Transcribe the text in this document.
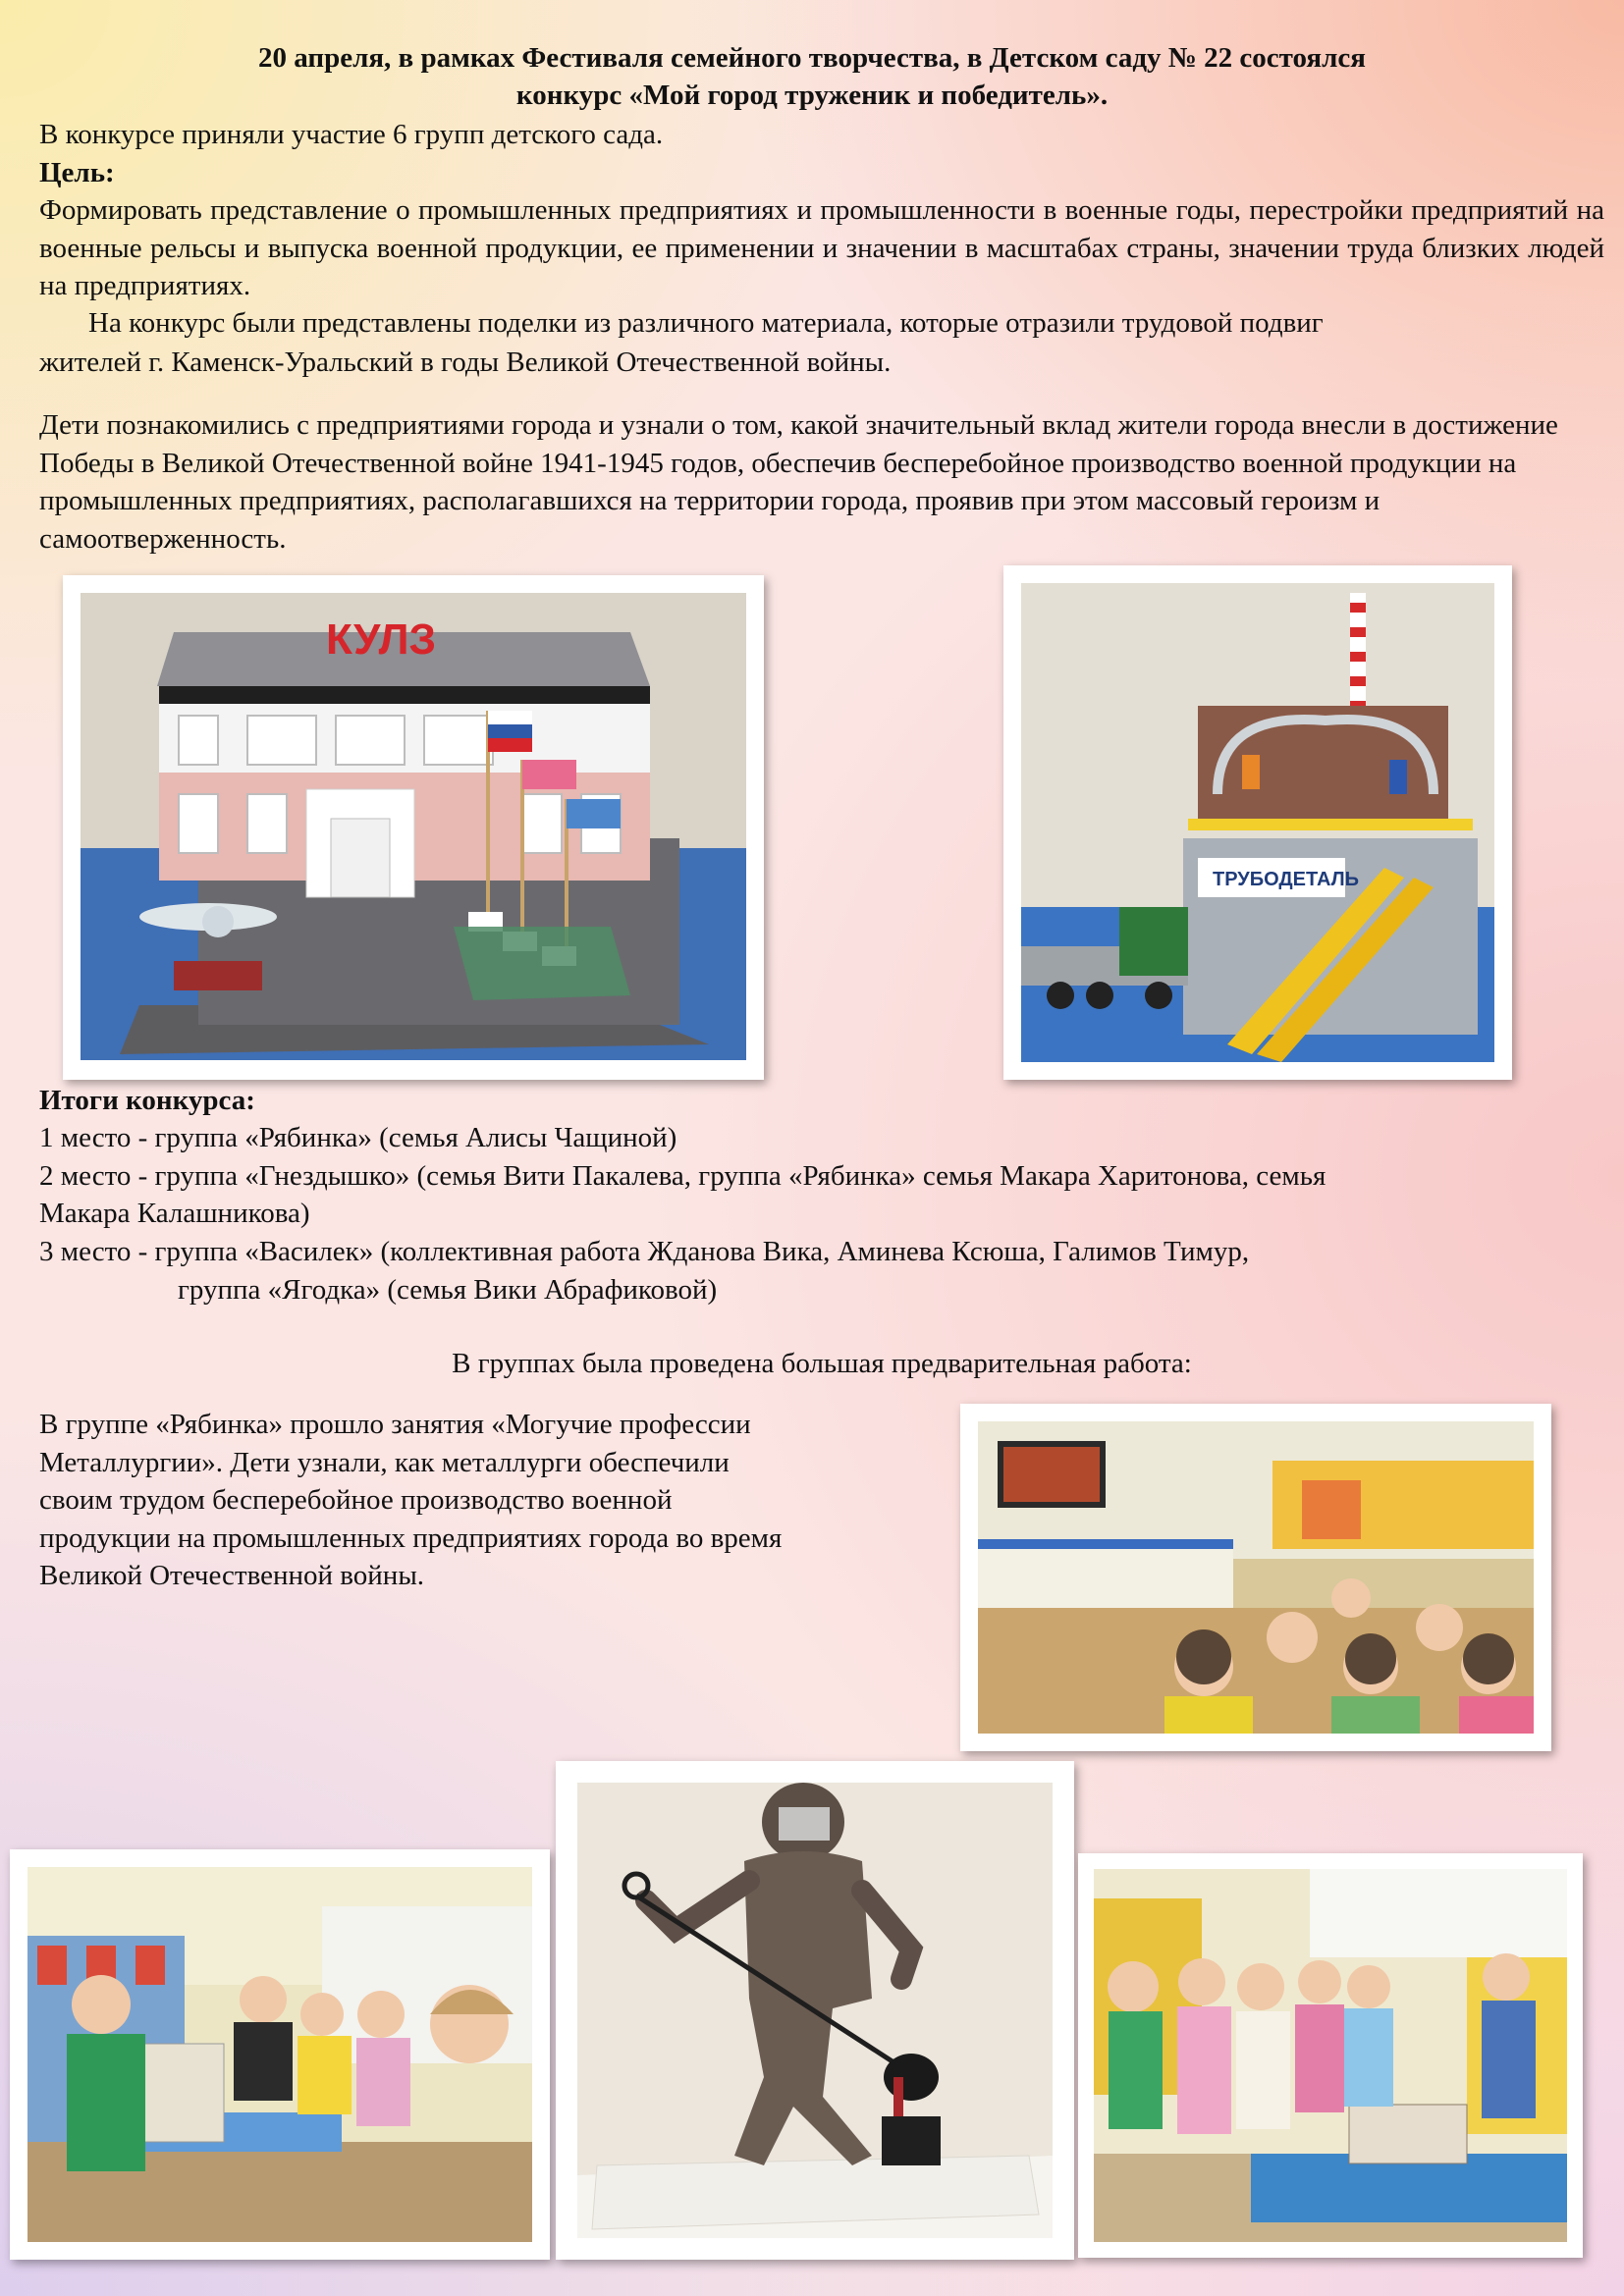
20 апреля, в рамках Фестиваля семейного творчества, в Детском саду № 22 состоялся
конкурс «Мой город труженик и победитель».

В конкурсе приняли участие 6 групп детского сада.

Цель:

Формировать представление о промышленных предприятиях и промышленности в военные годы, перестройки предприятий на военные рельсы и выпуска военной продукции, ее применении и значении в масштабах страны, значении труда близких людей на предприятиях.

На конкурс были представлены поделки из различного материала, которые отразили трудовой подвиг

жителей г. Каменск-Уральский в годы Великой Отечественной войны.

Дети познакомились с предприятиями города и узнали о том, какой значительный вклад жители города внесли в достижение Победы в Великой Отечественной войне 1941-1945 годов, обеспечив бесперебойное производство военной продукции на промышленных предприятиях, располагавшихся на территории города, проявив при этом массовый героизм и самоотверженность.

КУЛЗ
ТРУБОДЕТАЛЬ

Итоги конкурса:

1 место - группа «Рябинка» (семья Алисы Чащиной)

2 место - группа «Гнездышко» (семья Вити Пакалева, группа «Рябинка» семья Макара Харитонова, семья

Макара Калашникова)

3 место - группа «Василек» (коллективная работа Жданова Вика, Аминева Ксюша, Галимов Тимур,

группа «Ягодка» (семья Вики Абрафиковой)

В группах была проведена большая предварительная работа:

В группе «Рябинка» прошло занятия «Могучие профессии

Металлургии». Дети узнали, как металлурги обеспечили

своим трудом бесперебойное производство военной

продукции на промышленных предприятиях города во время

Великой Отечественной войны.
